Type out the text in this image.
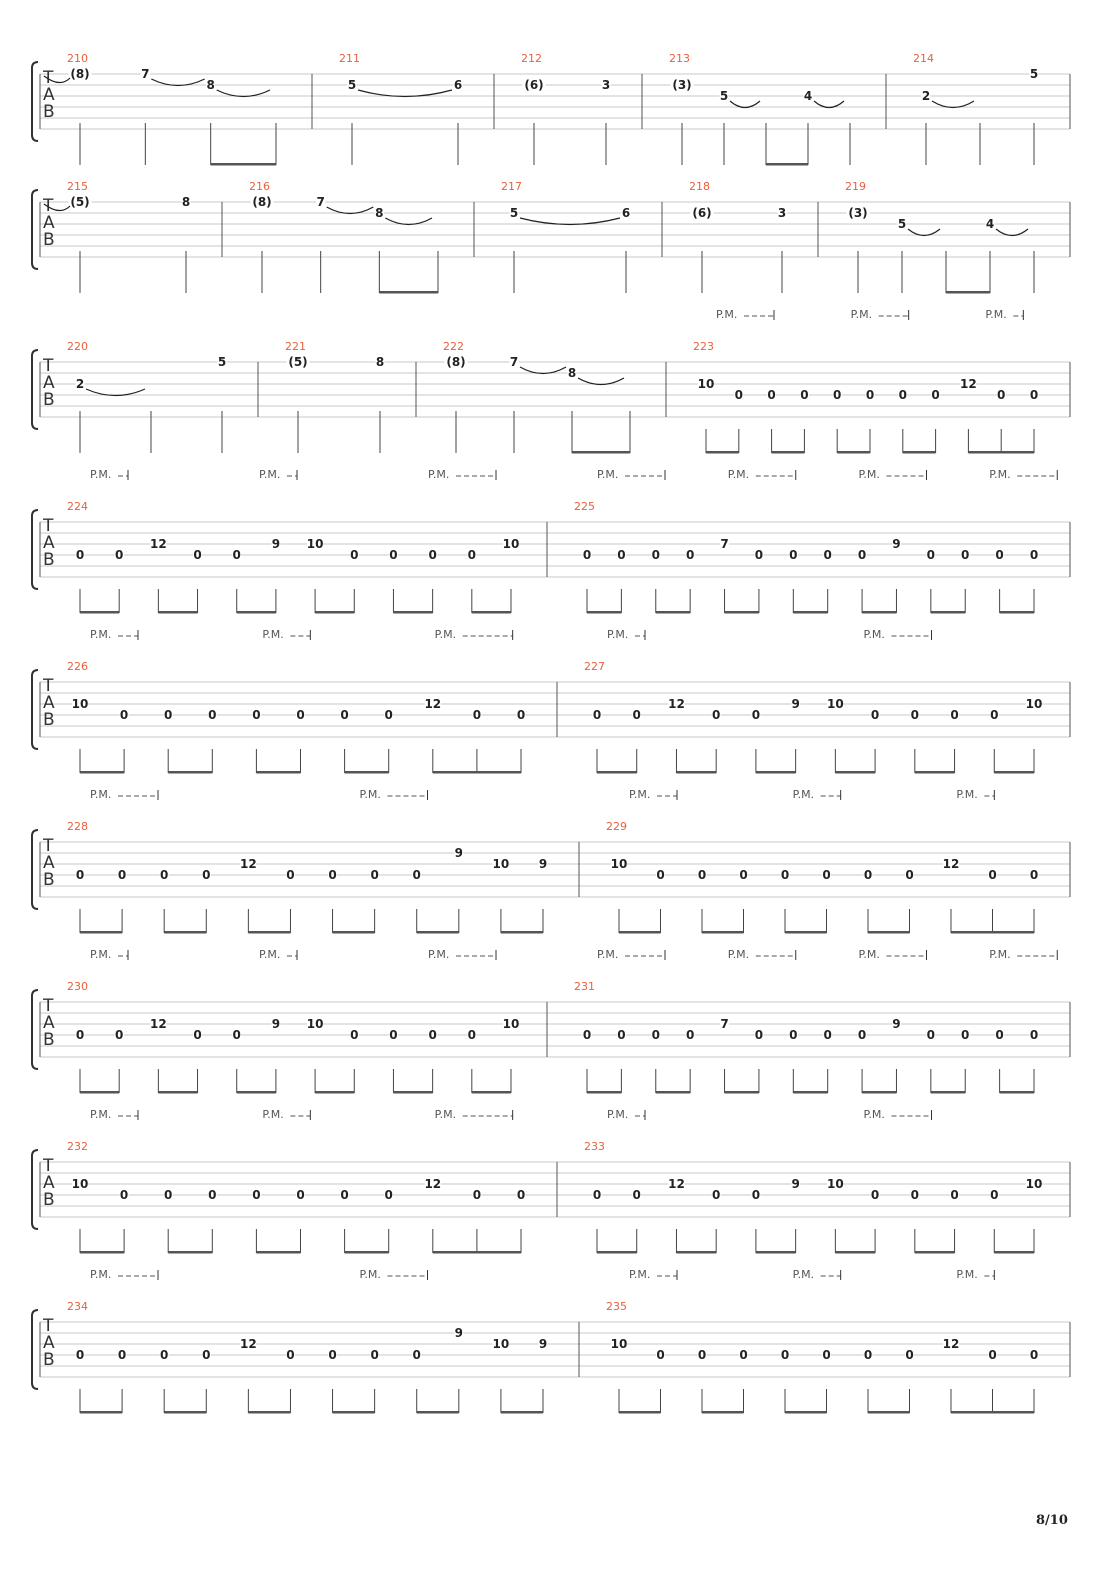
T
A
B
210
(8)	7
8
211
5	6
212
(6)	3
213
(3)
5	4
214
2
5
T
A
B
215
(5)	8
216
(8)	7
8
217
5	6
218
(6)	3
219
(3)
5	4
T
A
B
220
2
5
221
(5)	8
222
(8)	7
8
223
10
0 0 0 0 0 0 0
12
0 0
P.M.	P.M.	P.M.
T
A
B
224
0	0
12
0	0
9 10
0	0	0	0
10
P.M.	P.M.	P.M.
225
0 0 0 0
7
0 0 0 0
9
0 0 0 0
P.M.	P.M.	P.M.	P.M.
T
A
B
226
10
0	0	0	0	0	0	0
12
0	0
P.M.	P.M.	P.M.
227
0	0
12
0	0
9 10
0	0	0	0
10
P.M.	P.M.
T
A
B
228
0	0	0	0
12
0	0	0	0
9
10 9
P.M.	P.M.
229
10
0	0	0	0	0	0	0
12
0	0
P.M.	P.M.	P.M.
T
A
B
230
0	0
12
0	0
9 10
0	0	0	0
10
P.M.	P.M.	P.M.
231
0 0 0 0
7
0 0 0 0
9
0 0 0 0
P.M.	P.M.	P.M.	P.M.
T
A
B
232
10
0	0	0	0	0	0	0
12
0	0
P.M.	P.M.	P.M.
233
0	0
12
0	0
9 10
0	0	0	0
10
P.M.	P.M.
T
A
B
234
0	0	0	0
12
0	0	0	0
9
10 9
P.M.	P.M.
235
10
0	0	0	0	0	0	0
12
0	0
P.M.	P.M.	P.M.
8/10
